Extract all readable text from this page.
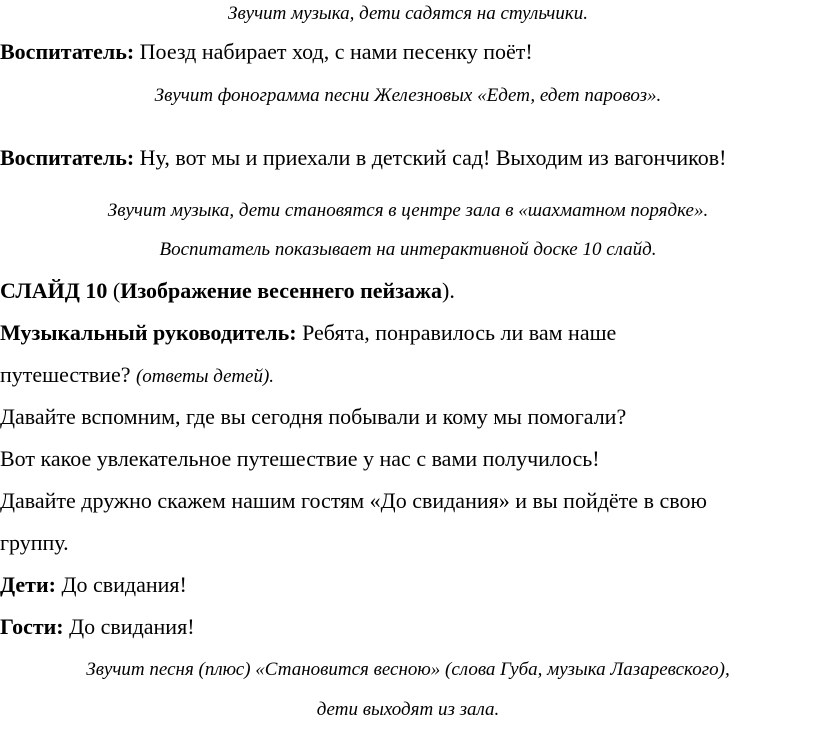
Звучит музыка, дети садятся на стульчики.
Воспитатель: Поезд набирает ход, с нами песенку поёт!
Звучит фонограмма песни Железновых «Едет, едет паровоз».
Воспитатель: Ну, вот мы и приехали в детский сад! Выходим из вагончиков!
Звучит музыка, дети становятся в центре зала в «шахматном порядке».
Воспитатель показывает на интерактивной доске 10 слайд.
СЛАЙД 10 (Изображение весеннего пейзажа).
Музыкальный руководитель: Ребята, понравилось ли вам наше
путешествие? (ответы детей).
Давайте вспомним, где вы сегодня побывали и кому мы помогали?
Вот какое увлекательное путешествие у нас с вами получилось!
Давайте дружно скажем нашим гостям «До свидания» и вы пойдёте в свою
группу.
Дети: До свидания!
Гости: До свидания!
Звучит песня (плюс) «Становится весною» (слова Губа, музыка Лазаревского),
дети выходят из зала.
